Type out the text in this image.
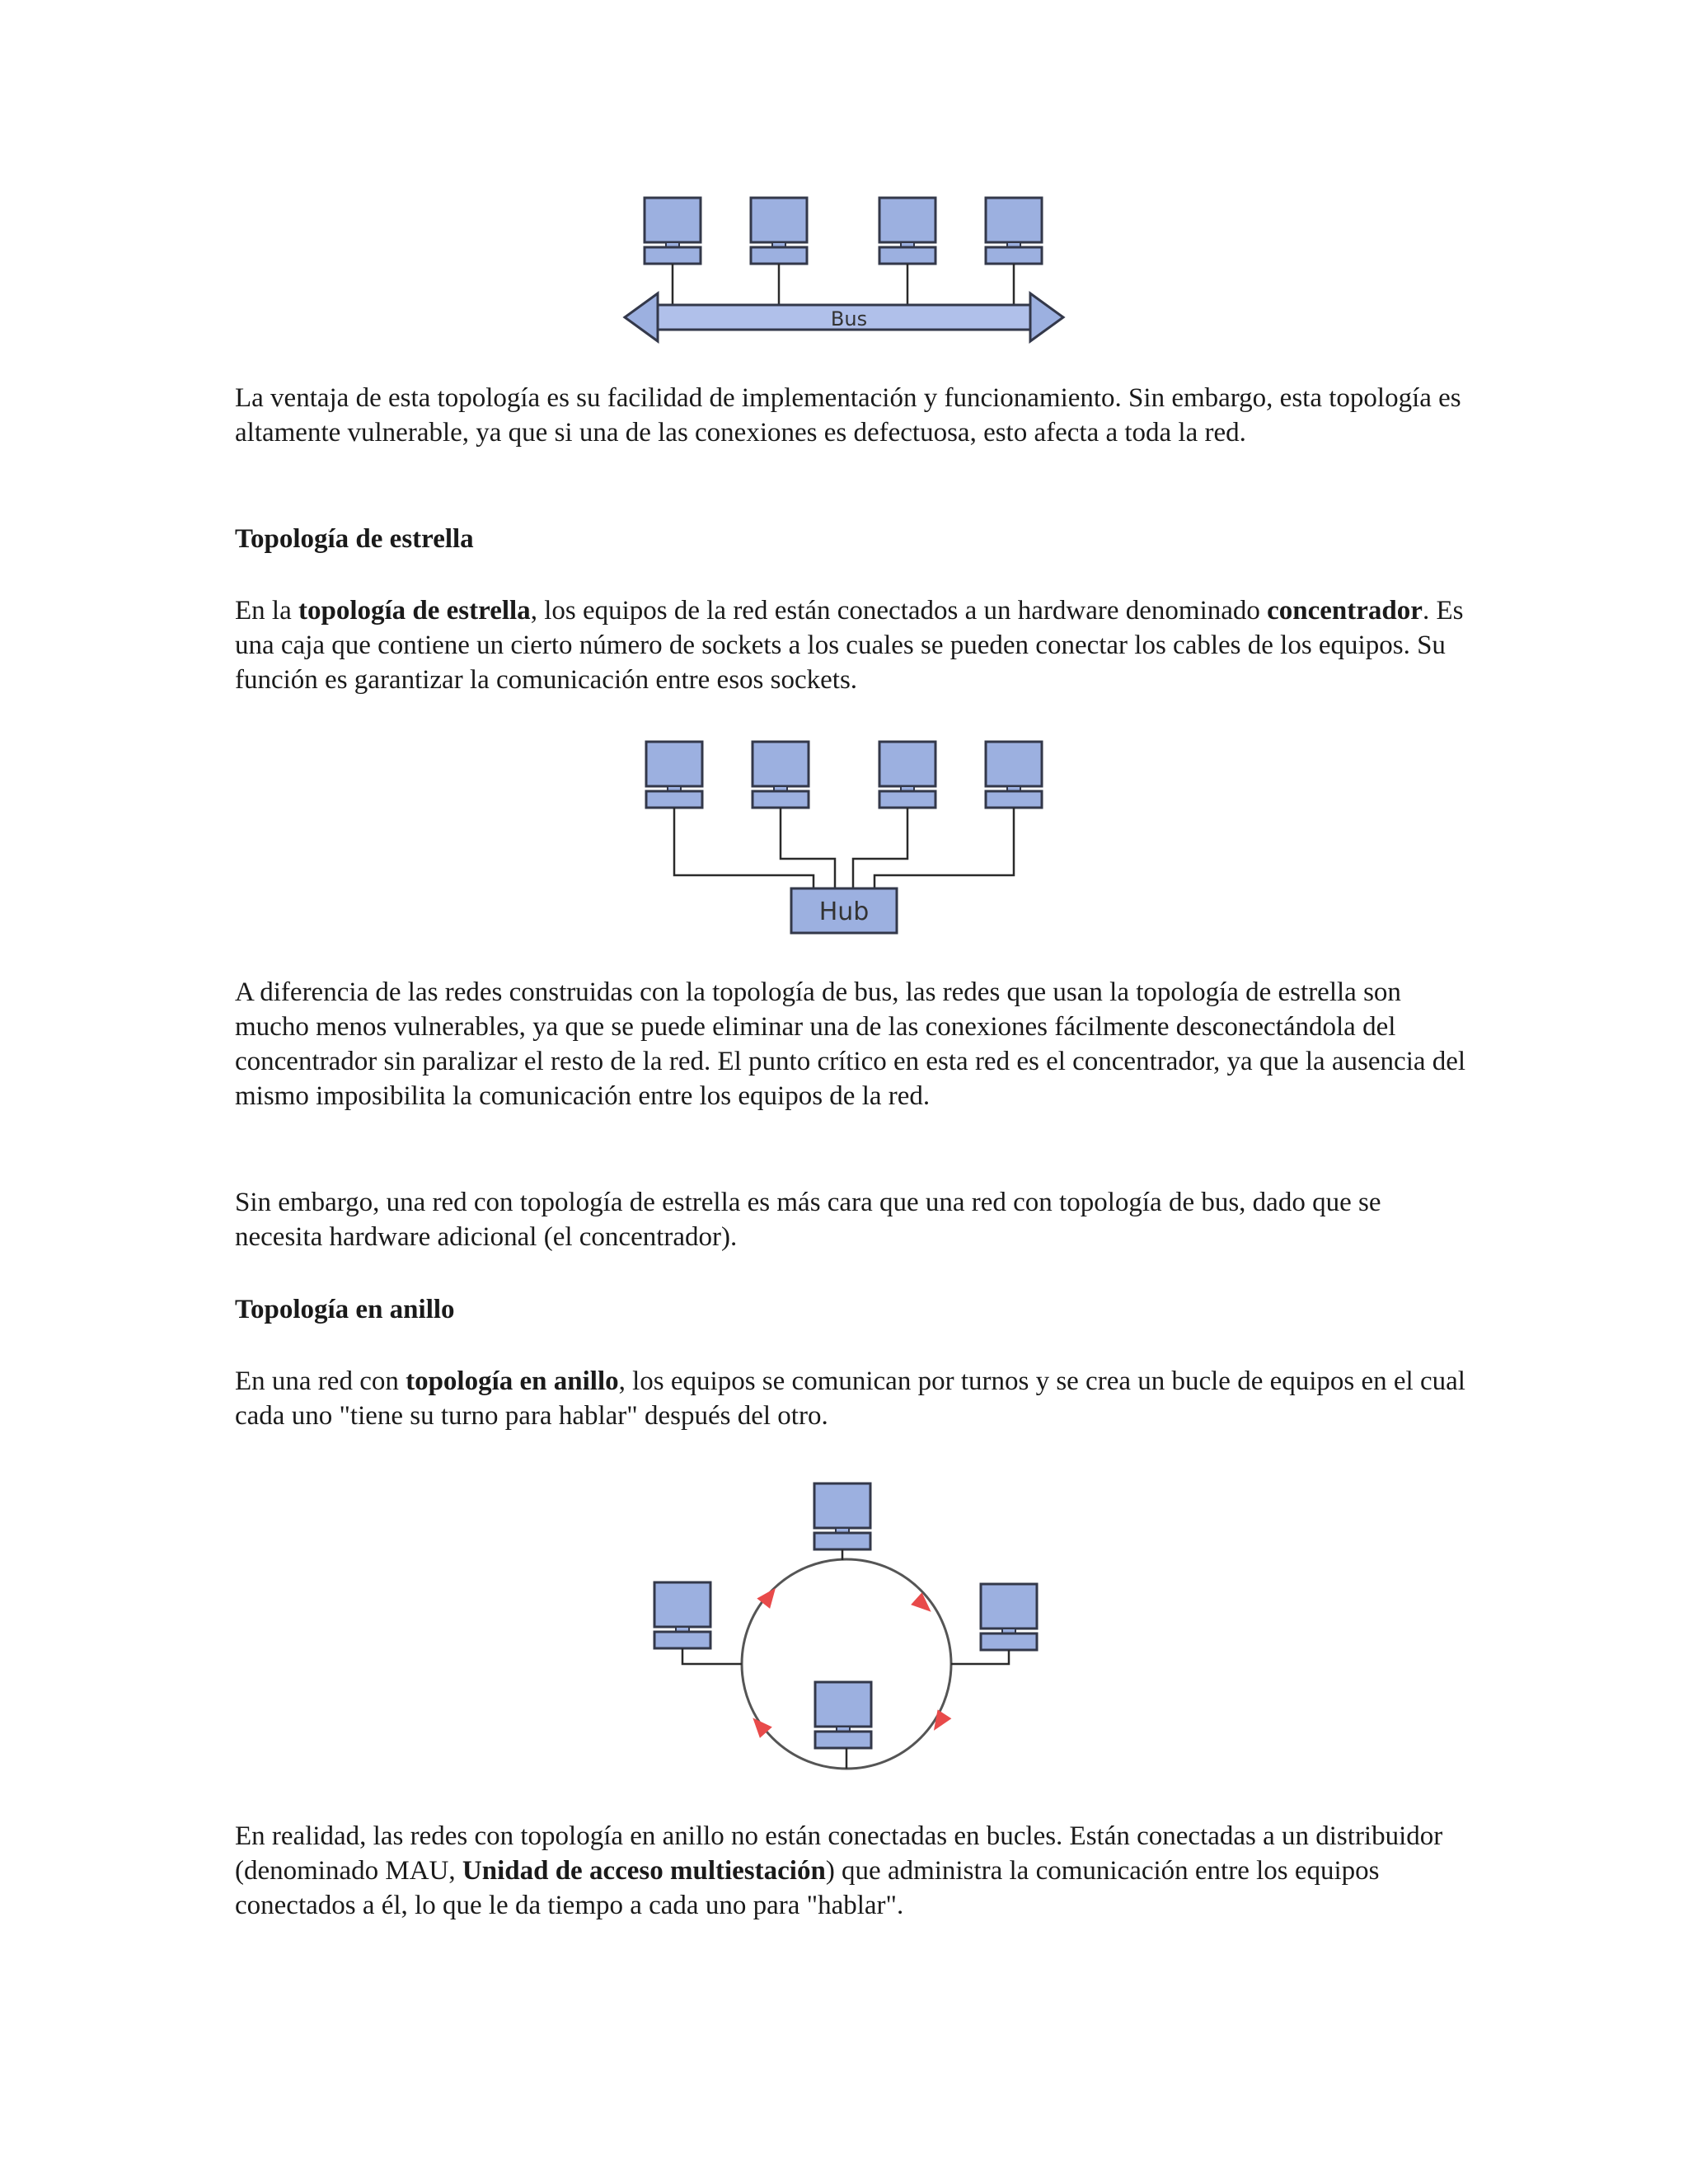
Bus

La ventaja de esta topología es su facilidad de implementación y funcionamiento. Sin embargo, esta topología es altamente vulnerable, ya que si una de las conexiones es defectuosa, esto afecta a toda la red.

Topología de estrella

En la topología de estrella, los equipos de la red están conectados a un hardware denominado concentrador. Es una caja que contiene un cierto número de sockets a los cuales se pueden conectar los cables de los equipos. Su función es garantizar la comunicación entre esos sockets.

Hub

A diferencia de las redes construidas con la topología de bus, las redes que usan la topología de estrella son mucho menos vulnerables, ya que se puede eliminar una de las conexiones fácilmente desconectándola del concentrador sin paralizar el resto de la red. El punto crítico en esta red es el concentrador, ya que la ausencia del mismo imposibilita la comunicación entre los equipos de la red.

Sin embargo, una red con topología de estrella es más cara que una red con topología de bus, dado que se necesita hardware adicional (el concentrador).

Topología en anillo

En una red con topología en anillo, los equipos se comunican por turnos y se crea un bucle de equipos en el cual cada uno "tiene su turno para hablar" después del otro.

En realidad, las redes con topología en anillo no están conectadas en bucles. Están conectadas a un distribuidor (denominado MAU, Unidad de acceso multiestación) que administra la comunicación entre los equipos conectados a él, lo que le da tiempo a cada uno para "hablar".
